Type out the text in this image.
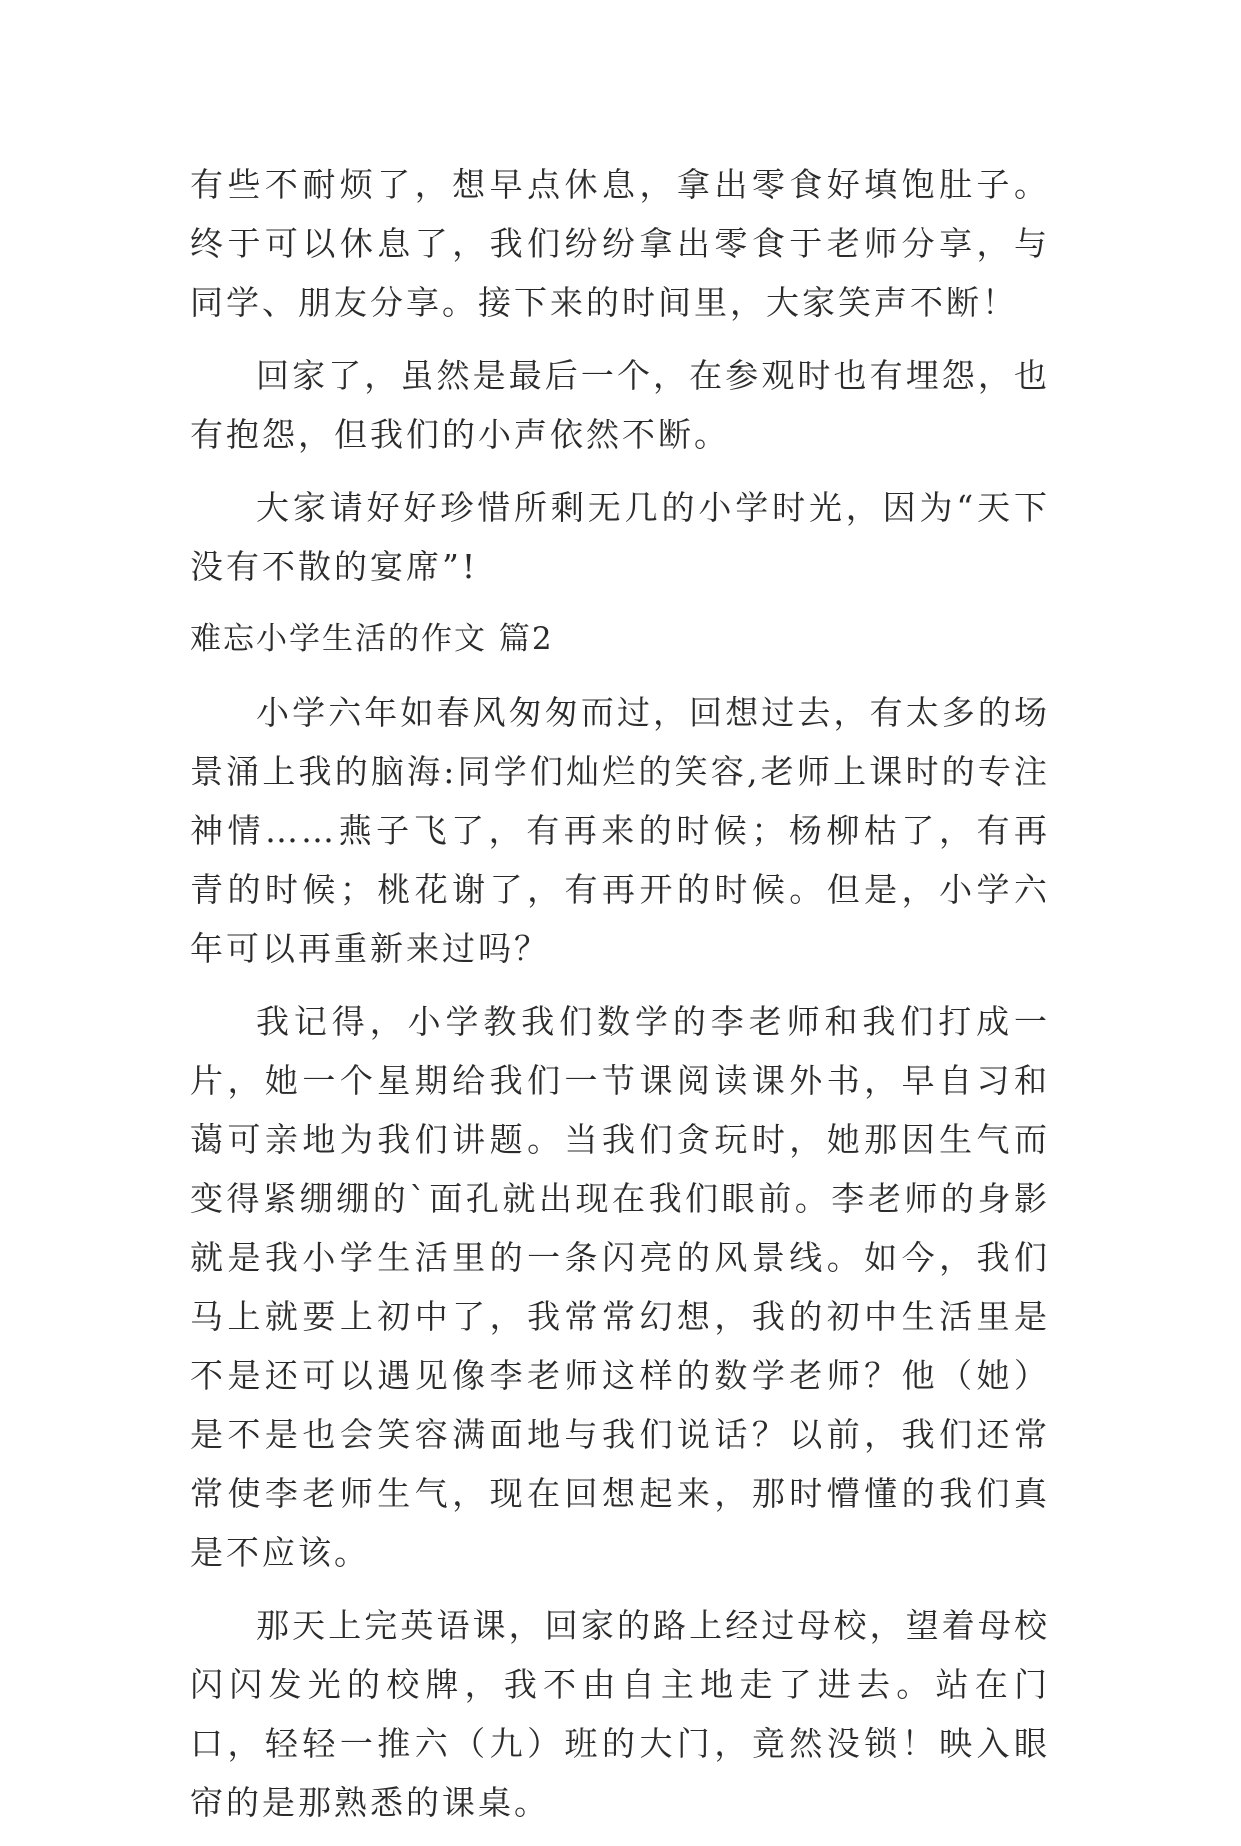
有些不耐烦了，想早点休息，拿出零食好填饱肚子。终于可以休息了，我们纷纷拿出零食于老师分享，与同学、朋友分享。接下来的时间里，大家笑声不断！

回家了，虽然是最后一个，在参观时也有埋怨，也有抱怨，但我们的小声依然不断。

大家请好好珍惜所剩无几的小学时光，因为“天下没有不散的宴席”!

难忘小学生活的作文 篇2

小学六年如春风匆匆而过，回想过去，有太多的场景涌上我的脑海:同学们灿烂的笑容,老师上课时的专注神情……燕子飞了，有再来的时候；杨柳枯了，有再青的时候；桃花谢了，有再开的时候。但是，小学六年可以再重新来过吗？

我记得，小学教我们数学的李老师和我们打成一片，她一个星期给我们一节课阅读课外书，早自习和蔼可亲地为我们讲题。当我们贪玩时，她那因生气而变得紧绷绷的`面孔就出现在我们眼前。李老师的身影就是我小学生活里的一条闪亮的风景线。如今，我们马上就要上初中了，我常常幻想，我的初中生活里是不是还可以遇见像李老师这样的数学老师？他（她）是不是也会笑容满面地与我们说话？以前，我们还常常使李老师生气，现在回想起来，那时懵懂的我们真是不应该。

那天上完英语课，回家的路上经过母校，望着母校闪闪发光的校牌，我不由自主地走了进去。站在门口，轻轻一推六（九）班的大门，竟然没锁！映入眼帘的是那熟悉的课桌。
